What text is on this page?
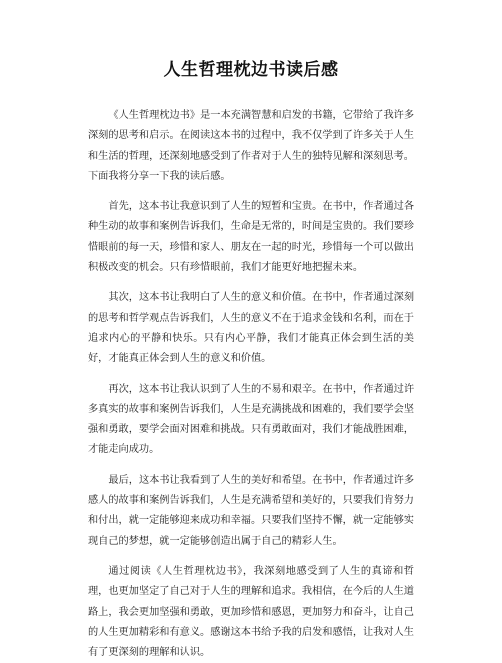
人生哲理枕边书读后感

《人生哲理枕边书》是一本充满智慧和启发的书籍，它带给了我许多深刻的思考和启示。在阅读这本书的过程中，我不仅学到了许多关于人生和生活的哲理，还深刻地感受到了作者对于人生的独特见解和深刻思考。下面我将分享一下我的读后感。

首先，这本书让我意识到了人生的短暂和宝贵。在书中，作者通过各种生动的故事和案例告诉我们，生命是无常的，时间是宝贵的。我们要珍惜眼前的每一天，珍惜和家人、朋友在一起的时光，珍惜每一个可以做出积极改变的机会。只有珍惜眼前，我们才能更好地把握未来。

其次，这本书让我明白了人生的意义和价值。在书中，作者通过深刻的思考和哲学观点告诉我们，人生的意义不在于追求金钱和名利，而在于追求内心的平静和快乐。只有内心平静，我们才能真正体会到生活的美好，才能真正体会到人生的意义和价值。

再次，这本书让我认识到了人生的不易和艰辛。在书中，作者通过许多真实的故事和案例告诉我们，人生是充满挑战和困难的，我们要学会坚强和勇敢，要学会面对困难和挑战。只有勇敢面对，我们才能战胜困难，才能走向成功。

最后，这本书让我看到了人生的美好和希望。在书中，作者通过许多感人的故事和案例告诉我们，人生是充满希望和美好的，只要我们肯努力和付出，就一定能够迎来成功和幸福。只要我们坚持不懈，就一定能够实现自己的梦想，就一定能够创造出属于自己的精彩人生。

通过阅读《人生哲理枕边书》，我深刻地感受到了人生的真谛和哲理，也更加坚定了自己对于人生的理解和追求。我相信，在今后的人生道路上，我会更加坚强和勇敢，更加珍惜和感恩，更加努力和奋斗，让自己的人生更加精彩和有意义。感谢这本书给予我的启发和感悟，让我对人生有了更深刻的理解和认识。
